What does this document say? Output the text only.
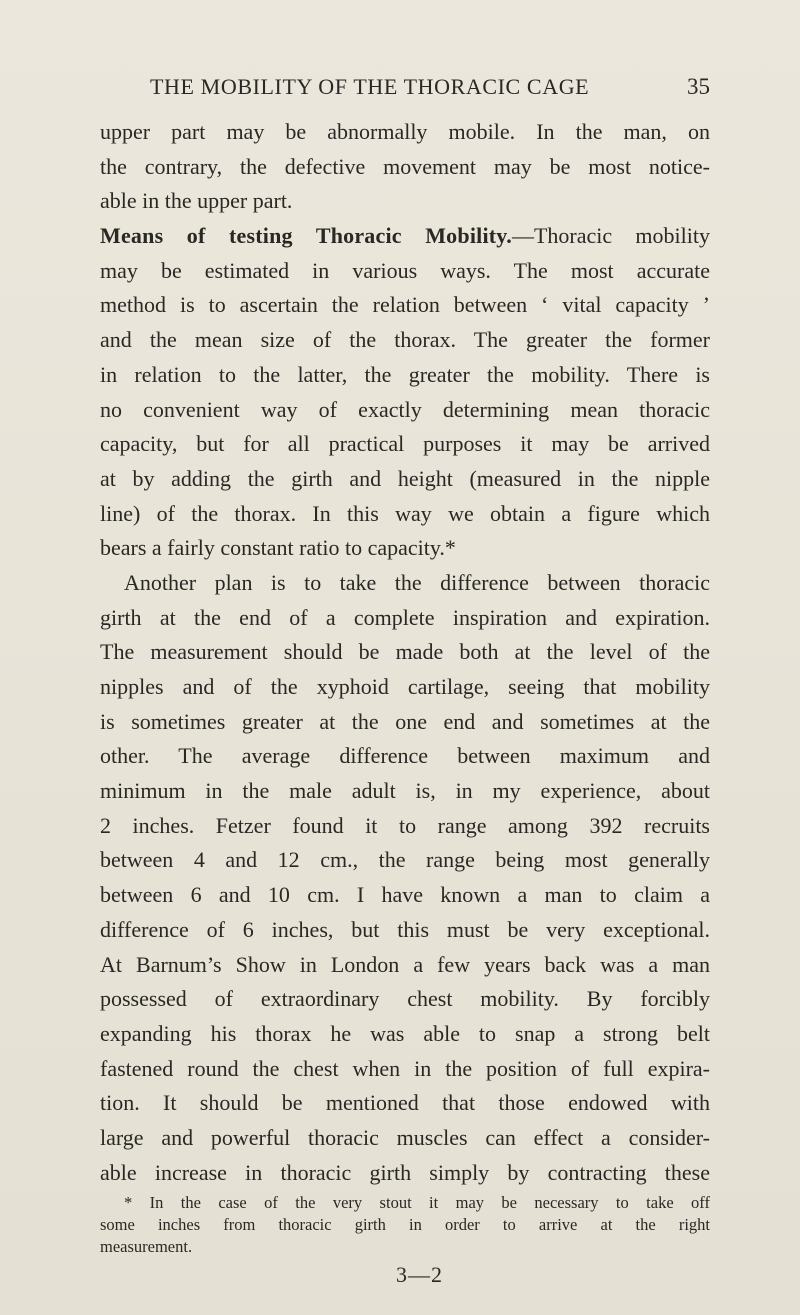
THE MOBILITY OF THE THORACIC CAGE	35
upper part may be abnormally mobile. In the man, on
the contrary, the defective movement may be most notice-
able in the upper part.
Means of testing Thoracic Mobility.—Thoracic mobility
may be estimated in various ways. The most accurate
method is to ascertain the relation between ‘ vital capacity ’
and the mean size of the thorax. The greater the former
in relation to the latter, the greater the mobility. There is
no convenient way of exactly determining mean thoracic
capacity, but for all practical purposes it may be arrived
at by adding the girth and height (measured in the nipple
line) of the thorax. In this way we obtain a figure which
bears a fairly constant ratio to capacity.*
Another plan is to take the difference between thoracic
girth at the end of a complete inspiration and expiration.
The measurement should be made both at the level of the
nipples and of the xyphoid cartilage, seeing that mobility
is sometimes greater at the one end and sometimes at the
other. The average difference between maximum and
minimum in the male adult is, in my experience, about
2 inches. Fetzer found it to range among 392 recruits
between 4 and 12 cm., the range being most generally
between 6 and 10 cm. I have known a man to claim a
difference of 6 inches, but this must be very exceptional.
At Barnum’s Show in London a few years back was a man
possessed of extraordinary chest mobility. By forcibly
expanding his thorax he was able to snap a strong belt
fastened round the chest when in the position of full expira-
tion. It should be mentioned that those endowed with
large and powerful thoracic muscles can effect a consider-
able increase in thoracic girth simply by contracting these
* In the case of the very stout it may be necessary to take off
some inches from thoracic girth in order to arrive at the right
measurement.
3—2
